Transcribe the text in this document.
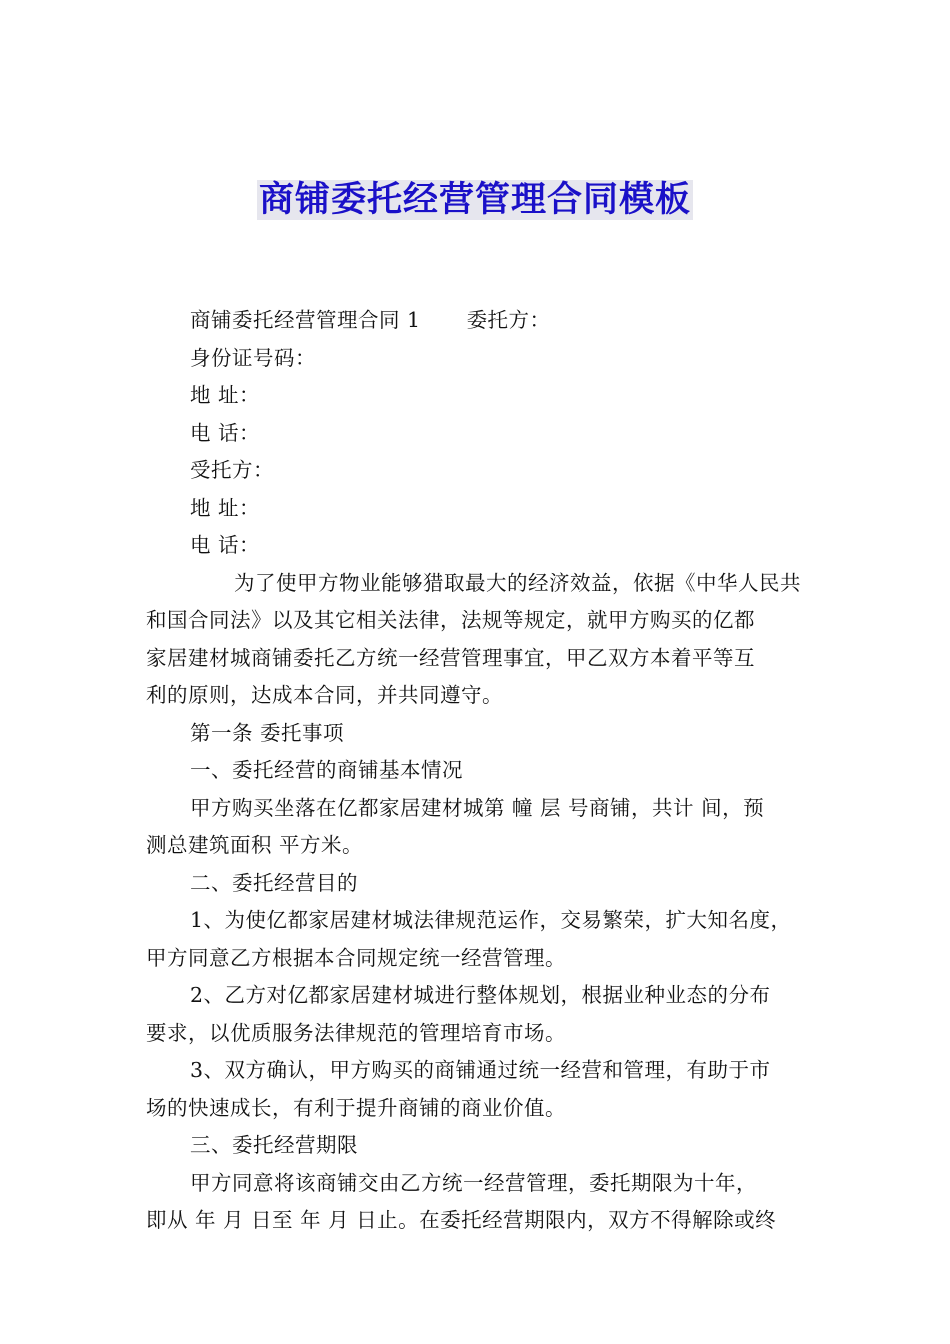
商铺委托经营管理合同模板

商铺委托经营管理合同 1 委托方：

身份证号码：

地 址：

电 话：

受托方：

地 址：

电 话：

为了使甲方物业能够猎取最大的经济效益，依据《中华人民共
和国合同法》以及其它相关法律，法规等规定，就甲方购买的亿都
家居建材城商铺委托乙方统一经营管理事宜，甲乙双方本着平等互
利的原则，达成本合同，并共同遵守。

第一条 委托事项

一、委托经营的商铺基本情况

甲方购买坐落在亿都家居建材城第 幢 层 号商铺，共计 间，预
测总建筑面积 平方米。

二、委托经营目的

1、为使亿都家居建材城法律规范运作，交易繁荣，扩大知名度，
甲方同意乙方根据本合同规定统一经营管理。

2、乙方对亿都家居建材城进行整体规划，根据业种业态的分布
要求，以优质服务法律规范的管理培育市场。

3、双方确认，甲方购买的商铺通过统一经营和管理，有助于市
场的快速成长，有利于提升商铺的商业价值。

三、委托经营期限

甲方同意将该商铺交由乙方统一经营管理，委托期限为十年，
即从 年 月 日至 年 月 日止。在委托经营期限内，双方不得解除或终
